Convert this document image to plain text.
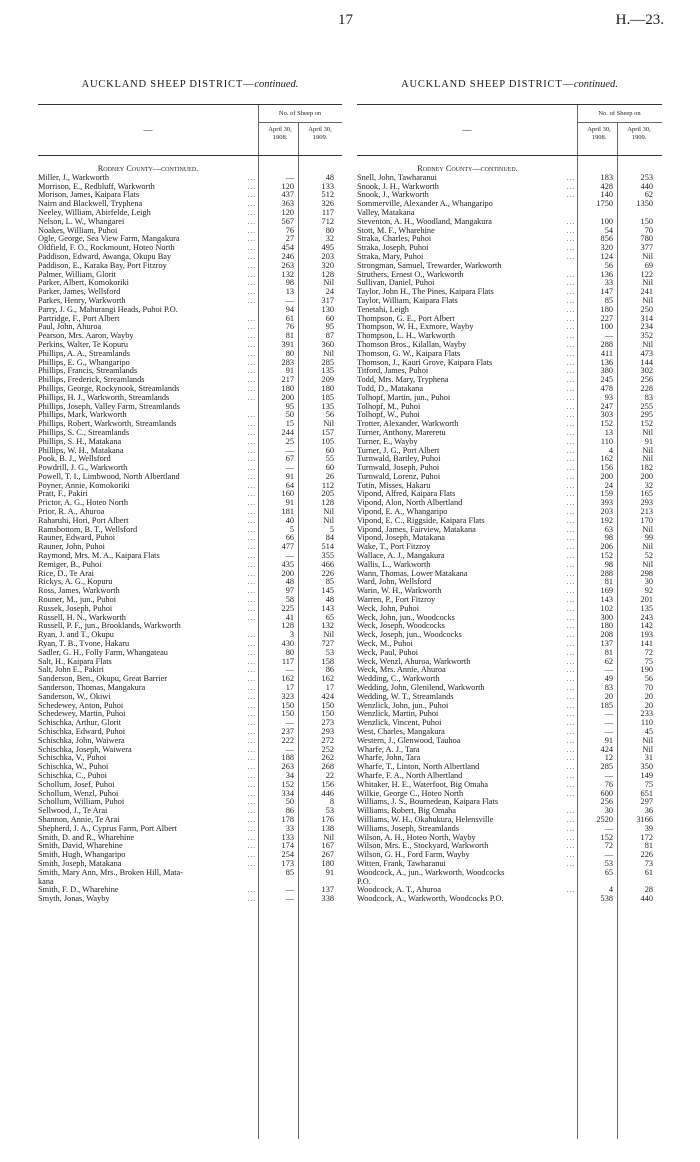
17	H.—23.
AUCKLAND SHEEP DISTRICT—continued.
—
No. of Sheep on
April 30,
1908.
April 30,
1909.
Rodney County—continued.
Miller, J., Warkworth	...	—	48
Morrison, E., Redbluff, Warkworth	...	120	133
Morison, James, Kaipara Flats	...	437	512
Nairn and Blackwell, Tryphena	...	363	326
Neeley, William, Abirfelde, Leigh	...	120	117
Nelson, L. W., Whangarei	...	567	712
Noakes, William, Puhoi	...	76	80
Ogle, George, Sea View Farm, Mangakura	...	27	32
Oldfield, F. O., Rockmount, Hoteo North	...	454	495
Paddison, Edward, Awanga, Okupu Bay	...	246	203
Paddison, E., Karaka Bay, Port Fitzroy	...	263	320
Palmer, William, Glorit	...	132	128
Parker, Albert, Komokoriki	...	98	Nil
Parker, James, Wellsford	...	13	24
Parkes, Henry, Warkworth	...	—	317
Parry, J. G., Mahurangi Heads, Puhoi P.O.	94	130
Partridge, F., Port Albert	...	61	60
Paul, John, Ahuroa	...	76	95
Pearson, Mrs. Aaron, Wayby	...	81	87
Perkins, Walter, Te Kopuru	...	391	360
Phillips, A. A., Streamlands	...	80	Nil
Phillips, E. G., Whangaripo	...	283	285
Phillips, Francis, Streamlands	...	91	135
Phillips, Frederick, Streamlands	...	217	209
Phillips, George, Rockynook, Streamlands	...	180	180
Phillips, H. J., Warkworth, Streamlands	...	200	185
Phillips, Joseph, Valley Farm, Streamlands	95	135
Phillips, Mark, Warkworth	...	50	56
Phillips, Robert, Warkworth, Streamlands	...	15	Nil
Phillips, S. C., Streamlands	...	244	157
Phillips, S. H., Matakana	...	25	105
Phillips, W. H., Matakana	...	—	60
Pook, B. J., Wellsford	...	67	55
Powdrill, J. G., Warkworth	...	—	60
Powell, T. I., Limbwood, North Albertland	...	91	26
Poyner, Annie, Komokoriki	...	64	112
Pratt, F., Pakiri	...	160	205
Prictor, A. G., Hoteo North	...	91	128
Prior, R. A., Ahuroa	...	181	Nil
Raharuhi, Hori, Port Albert	...	40	Nil
Ramsbottom, B. T., Wellsford	...	5	5
Rauner, Edward, Puhoi	...	66	84
Rauner, John, Puhoi	...	477	514
Raymond, Mrs. M. A., Kaipara Flats	...	—	355
Remiger, B., Puhoi	...	435	466
Rice, D., Te Arai	...	200	226
Rickys, A. G., Kopuru	...	48	85
Ross, James, Warkworth	...	97	145
Rouner, M., jun., Puhoi	...	58	48
Russek, Joseph, Puhoi	...	225	143
Russell, H. N., Warkworth	...	41	65
Russell, P. F., jun., Brooklands, Warkworth	128	132
Ryan, J. and T., Okupu	...	3	Nil
Ryan, T. B., Tvone, Hakaru	...	430	727
Sadler, G. H., Folly Farm, Whangateau	...	80	53
Salt, H., Kaipara Flats	...	117	158
Salt, John E., Pakiri	...	—	86
Sanderson, Ben., Okupu, Great Barrier	...	162	162
Sanderson, Thomas, Mangakura	...	17	17
Sanderson, W., Okiwi	...	323	424
Schedewey, Anton, Puhoi	...	150	150
Schedewey, Martin, Puhoi	...	150	150
Schischka, Arthur, Glorit	...	—	273
Schischka, Edward, Puhoi	...	237	293
Schischka, John, Waiwera	...	222	272
Schischka, Joseph, Waiwera	...	—	252
Schischka, V., Puhoi	...	188	262
Schischka, W., Puhoi	...	263	268
Schischka, C., Puhoi	...	34	22
Schollum, Josef, Puhoi	...	152	156
Schollum, Wenzl, Puhoi	...	334	446
Schollum, William, Puhoi	...	50	8
Sellwood, J., Te Arai	...	86	53
Shannon, Annie, Te Arai	...	178	176
Shepherd, J. A., Cyprus Farm, Port Albert	...	33	138
Smith, D. and R., Wharehine	...	133	Nil
Smith, David, Wharehine	...	174	167
Smith, Hugh, Whangaripo	...	254	267
Smith, Joseph, Matakana	...	173	180
Smith, Mary Ann, Mrs., Broken Hill, Mata-	85	91
kana
Smith, F. D., Wharehine	...	—	137
Smyth, Jonas, Wayby	...	—	338
AUCKLAND SHEEP DISTRICT—continued.
—
No. of Sheep on
April 30,
1908.
April 30,
1909.
Rodney County—continued.
Snell, John, Tawharanui	...	183	253
Snook, J. H., Warkworth	...	428	440
Snook, J., Warkworth	...	140	62
Sommerville, Alexander A., Whangaripo	1750	1350
Valley, Matakana
Steventon, A. H., Woodland, Mangakura	...	100	150
Stott, M. F., Wharehine	...	54	70
Straka, Charles, Puhoi	...	856	780
Straka, Joseph, Puhoi	...	320	377
Straka, Mary, Puhoi	...	124	Nil
Strongman, Samuel, Trewarder, Warkworth	56	69
Struthers, Ernest O., Warkworth	...	136	122
Sullivan, Daniel, Puhoi	...	33	Nil
Taylor, John H., The Pines, Kaipara Flats	...	147	241
Taylor, William, Kaipara Flats	...	85	Nil
Tenetahi, Leigh	...	180	250
Thompson, G. E., Port Albert	...	227	314
Thompson, W. H., Exmore, Wayby	...	100	234
Thompson, L. H., Warkworth	...	—	352
Thomson Bros., Kilallan, Wayby	...	288	Nil
Thomson, G. W., Kaipara Flats	...	411	473
Thomson, J., Kauri Grove, Kaipara Flats	...	136	144
Titford, James, Puhoi	...	380	302
Todd, Mrs. Mary, Tryphena	...	245	256
Todd, D., Matakana	...	478	228
Tolhopf, Martin, jun., Puhoi	...	93	83
Tolhopf, M., Puhoi	...	247	255
Tolhopf, W., Puhoi	...	303	295
Trotter, Alexander, Warkworth	...	152	152
Turner, Anthony, Mareretu	...	13	Nil
Turner, E., Wayby	...	110	91
Turner, J. G., Port Albert	...	4	Nil
Turnwald, Bartley, Puhoi	...	162	Nil
Turnwald, Joseph, Puhoi	...	156	182
Turnwald, Lorenz, Puhoi	...	200	200
Tutin, Misses, Hakaru	...	24	32
Vipond, Alfred, Kaipara Flats	...	159	165
Vipond, Alon, North Albertland	...	393	293
Vipond, E. A., Whangaripo	...	203	213
Vipond, E. C., Riggside, Kaipara Flats	...	192	170
Vipond, James, Fairview, Matakana	...	63	Nil
Vipond, Joseph, Matakana	...	98	99
Wake, T., Port Fitzroy	...	206	Nil
Wallace, A. J., Mangakura	...	152	52
Wallis, L., Warkworth	...	98	Nil
Wann, Thomas, Lower Matakana	...	288	298
Ward, John, Wellsford	...	81	30
Warin, W. H., Warkworth	...	169	92
Warren, P., Fort Fitzroy	...	143	201
Weck, John, Puhoi	...	102	135
Weck, John, jun., Woodcocks	...	300	243
Weck, Joseph, Woodcocks	...	180	142
Weck, Joseph, jun., Woodcocks	...	208	193
Weck, M., Puhoi	...	137	141
Weck, Paul, Puhoi	...	81	72
Weck, Wenzl, Ahuroa, Warkworth	...	62	75
Weck, Mrs. Annie, Ahuroa	...	—	190
Wedding, C., Warkworth	...	49	56
Wedding, John, Glenilend, Warkworth	...	83	70
Wedding, W. T., Streamlands	...	20	20
Wenzlick, John, jun., Puhoi	...	185	20
Wenzlick, Martin, Puhoi	...	—	233
Wenzlick, Vincent, Puhoi	...	—	110
West, Charles, Mangakura	...	—	45
Western, J., Glenwood, Tauhoa	...	91	Nil
Wharfe, A. J., Tara	...	424	Nil
Wharfe, John, Tara	...	12	31
Wharfe, T., Linton, North Albertland	...	285	350
Wharfe, F. A., North Albertland	...	—	149
Whitaker, H. E., Waterfoot, Big Omaha	...	76	75
Wilkie, George C., Hoteo North	...	600	651
Williams, J. S., Bournedean, Kaipara Flats	256	297
Williams, Robert, Big Omaha	...	30	36
Williams, W. H., Okahukura, Helensville	...	2520	3166
Williams, Joseph, Streamlands	...	—	39
Wilson, A. H., Hoteo North, Wayby	...	152	172
Wilson, Mrs. E., Stockyard, Warkworth	...	72	81
Wilson, G. H., Ford Farm, Wayby	...	—	226
Witten, Frank, Tawharanui	...	53	73
Woodcock, A., jun., Warkworth, Woodcocks	65	61
P.O.
Woodcock, A. T., Ahuroa	...	4	28
Woodcock, A., Warkworth, Woodcocks P.O.	538	440
